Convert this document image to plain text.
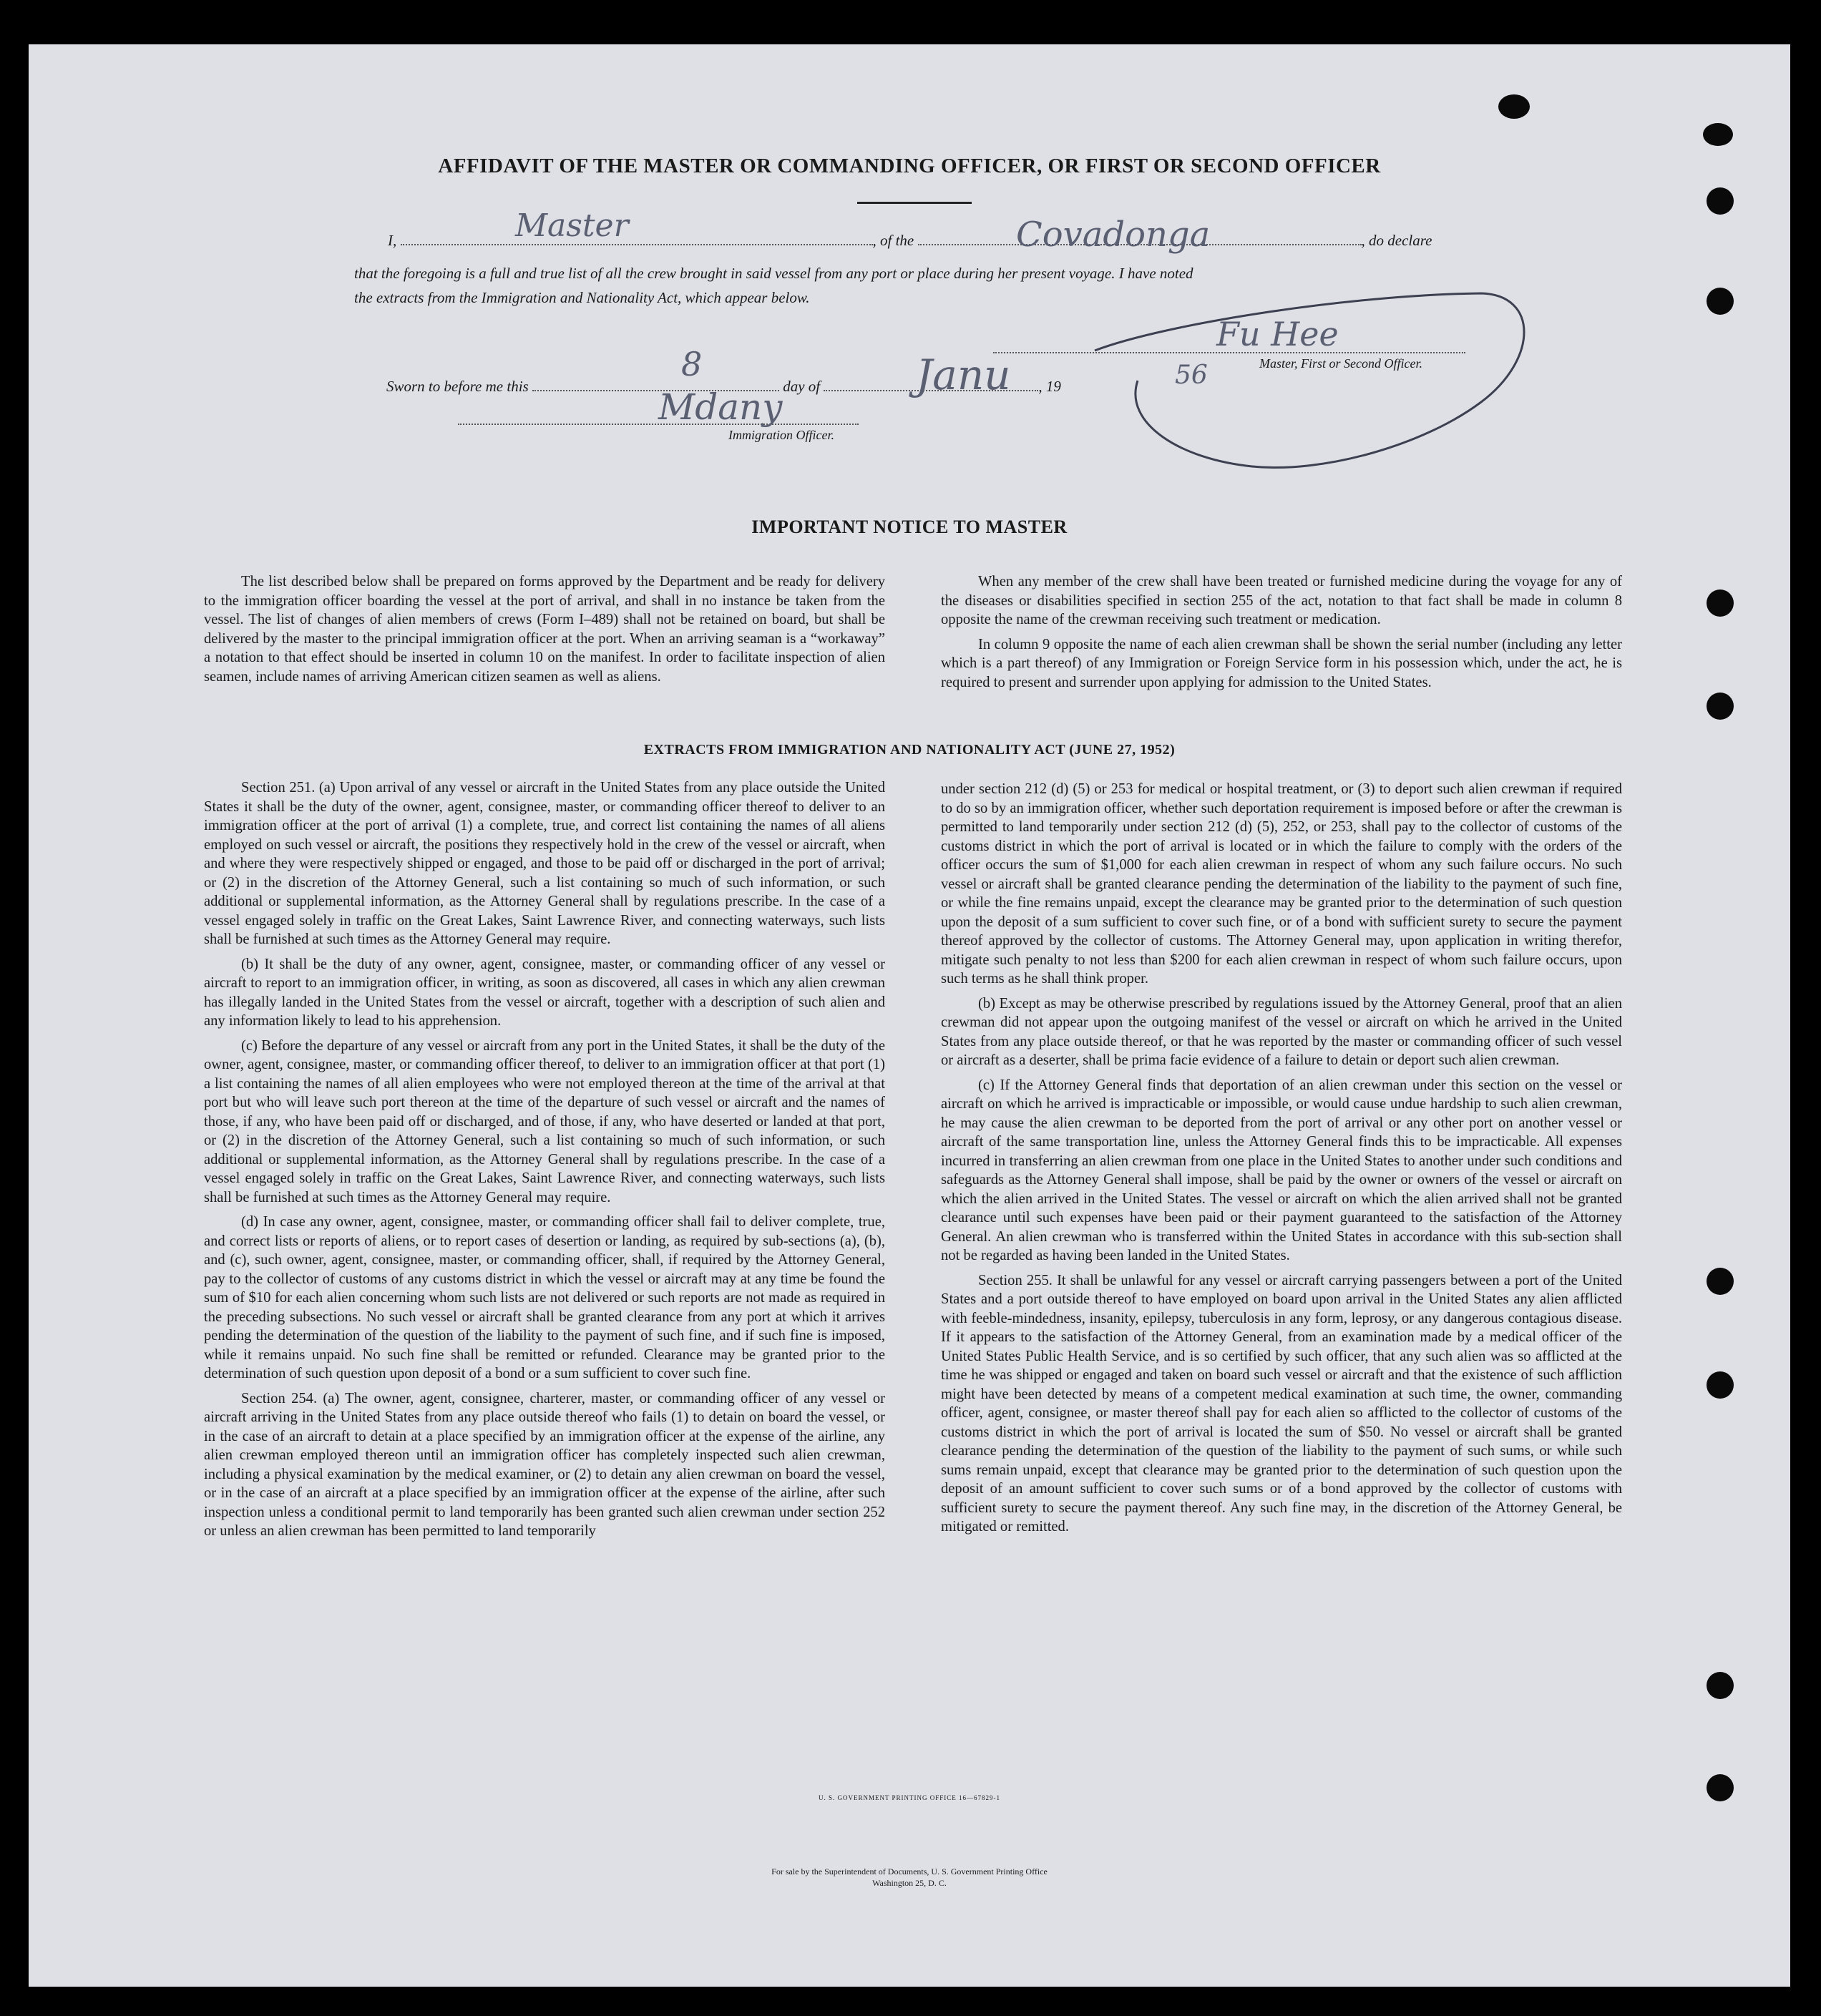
AFFIDAVIT OF THE MASTER OR COMMANDING OFFICER, OR FIRST OR SECOND OFFICER
I,	, of the	, do declare
Master	Covadonga
that the foregoing is a full and true list of all the crew brought in said vessel from any port or place during her present voyage. I have noted
the extracts from the Immigration and Nationality Act, which appear below.
Fu Hee
Master, First or Second Officer.
Sworn to before me this	day of	, 19
8	Janu	56
Mdany
Immigration Officer.
IMPORTANT NOTICE TO MASTER

The list described below shall be prepared on forms approved by the Department and be ready for delivery to the immigration officer boarding the vessel at the port of arrival, and shall in no instance be taken from the vessel. The list of changes of alien members of crews (Form I–489) shall not be retained on board, but shall be delivered by the master to the principal immigration officer at the port. When an arriving seaman is a “workaway” a notation to that effect should be inserted in column 10 on the manifest. In order to facilitate inspection of alien seamen, include names of arriving American citizen seamen as well as aliens.

When any member of the crew shall have been treated or furnished medicine during the voyage for any of the diseases or disabilities specified in section 255 of the act, notation to that fact shall be made in column 8 opposite the name of the crewman receiving such treatment or medication.

In column 9 opposite the name of each alien crewman shall be shown the serial number (including any letter which is a part thereof) of any Immigration or Foreign Service form in his possession which, under the act, he is required to present and surrender upon applying for admission to the United States.

EXTRACTS FROM IMMIGRATION AND NATIONALITY ACT (JUNE 27, 1952)

Section 251. (a) Upon arrival of any vessel or aircraft in the United States from any place outside the United States it shall be the duty of the owner, agent, consignee, master, or commanding officer thereof to deliver to an immigration officer at the port of arrival (1) a complete, true, and correct list containing the names of all aliens employed on such vessel or aircraft, the positions they respectively hold in the crew of the vessel or aircraft, when and where they were respectively shipped or engaged, and those to be paid off or discharged in the port of arrival; or (2) in the discretion of the Attorney General, such a list containing so much of such information, or such additional or supplemental information, as the Attorney General shall by regulations prescribe. In the case of a vessel engaged solely in traffic on the Great Lakes, Saint Lawrence River, and connecting waterways, such lists shall be furnished at such times as the Attorney General may require.

(b) It shall be the duty of any owner, agent, consignee, master, or commanding officer of any vessel or aircraft to report to an immigration officer, in writing, as soon as discovered, all cases in which any alien crewman has illegally landed in the United States from the vessel or aircraft, together with a description of such alien and any information likely to lead to his apprehension.

(c) Before the departure of any vessel or aircraft from any port in the United States, it shall be the duty of the owner, agent, consignee, master, or commanding officer thereof, to deliver to an immigration officer at that port (1) a list containing the names of all alien employees who were not employed thereon at the time of the arrival at that port but who will leave such port thereon at the time of the departure of such vessel or aircraft and the names of those, if any, who have been paid off or discharged, and of those, if any, who have deserted or landed at that port, or (2) in the discretion of the Attorney General, such a list containing so much of such information, or such additional or supplemental information, as the Attorney General shall by regulations prescribe. In the case of a vessel engaged solely in traffic on the Great Lakes, Saint Lawrence River, and connecting waterways, such lists shall be furnished at such times as the Attorney General may require.

(d) In case any owner, agent, consignee, master, or commanding officer shall fail to deliver complete, true, and correct lists or reports of aliens, or to report cases of desertion or landing, as required by sub-sections (a), (b), and (c), such owner, agent, consignee, master, or commanding officer, shall, if required by the Attorney General, pay to the collector of customs of any customs district in which the vessel or aircraft may at any time be found the sum of $10 for each alien concerning whom such lists are not delivered or such reports are not made as required in the preceding subsections. No such vessel or aircraft shall be granted clearance from any port at which it arrives pending the determination of the question of the liability to the payment of such fine, and if such fine is imposed, while it remains unpaid. No such fine shall be remitted or refunded. Clearance may be granted prior to the determination of such question upon deposit of a bond or a sum sufficient to cover such fine.

Section 254. (a) The owner, agent, consignee, charterer, master, or commanding officer of any vessel or aircraft arriving in the United States from any place outside thereof who fails (1) to detain on board the vessel, or in the case of an aircraft to detain at a place specified by an immigration officer at the expense of the airline, any alien crewman employed thereon until an immigration officer has completely inspected such alien crewman, including a physical examination by the medical examiner, or (2) to detain any alien crewman on board the vessel, or in the case of an aircraft at a place specified by an immigration officer at the expense of the airline, after such inspection unless a conditional permit to land temporarily has been granted such alien crewman under section 252 or unless an alien crewman has been permitted to land temporarily

under section 212 (d) (5) or 253 for medical or hospital treatment, or (3) to deport such alien crewman if required to do so by an immigration officer, whether such deportation requirement is imposed before or after the crewman is permitted to land temporarily under section 212 (d) (5), 252, or 253, shall pay to the collector of customs of the customs district in which the port of arrival is located or in which the failure to comply with the orders of the officer occurs the sum of $1,000 for each alien crewman in respect of whom any such failure occurs. No such vessel or aircraft shall be granted clearance pending the determination of the liability to the payment of such fine, or while the fine remains unpaid, except the clearance may be granted prior to the determination of such question upon the deposit of a sum sufficient to cover such fine, or of a bond with sufficient surety to secure the payment thereof approved by the collector of customs. The Attorney General may, upon application in writing therefor, mitigate such penalty to not less than $200 for each alien crewman in respect of whom such failure occurs, upon such terms as he shall think proper.

(b) Except as may be otherwise prescribed by regulations issued by the Attorney General, proof that an alien crewman did not appear upon the outgoing manifest of the vessel or aircraft on which he arrived in the United States from any place outside thereof, or that he was reported by the master or commanding officer of such vessel or aircraft as a deserter, shall be prima facie evidence of a failure to detain or deport such alien crewman.

(c) If the Attorney General finds that deportation of an alien crewman under this section on the vessel or aircraft on which he arrived is impracticable or impossible, or would cause undue hardship to such alien crewman, he may cause the alien crewman to be deported from the port of arrival or any other port on another vessel or aircraft of the same transportation line, unless the Attorney General finds this to be impracticable. All expenses incurred in transferring an alien crewman from one place in the United States to another under such conditions and safeguards as the Attorney General shall impose, shall be paid by the owner or owners of the vessel or aircraft on which the alien arrived in the United States. The vessel or aircraft on which the alien arrived shall not be granted clearance until such expenses have been paid or their payment guaranteed to the satisfaction of the Attorney General. An alien crewman who is transferred within the United States in accordance with this sub-section shall not be regarded as having been landed in the United States.

Section 255. It shall be unlawful for any vessel or aircraft carrying passengers between a port of the United States and a port outside thereof to have employed on board upon arrival in the United States any alien afflicted with feeble-mindedness, insanity, epilepsy, tuberculosis in any form, leprosy, or any dangerous contagious disease. If it appears to the satisfaction of the Attorney General, from an examination made by a medical officer of the United States Public Health Service, and is so certified by such officer, that any such alien was so afflicted at the time he was shipped or engaged and taken on board such vessel or aircraft and that the existence of such affliction might have been detected by means of a competent medical examination at such time, the owner, commanding officer, agent, consignee, or master thereof shall pay for each alien so afflicted to the collector of customs of the customs district in which the port of arrival is located the sum of $50. No vessel or aircraft shall be granted clearance pending the determination of the question of the liability to the payment of such sums, or while such sums remain unpaid, except that clearance may be granted prior to the determination of such question upon the deposit of an amount sufficient to cover such sums or of a bond approved by the collector of customs with sufficient surety to secure the payment thereof. Any such fine may, in the discretion of the Attorney General, be mitigated or remitted.

U. S. GOVERNMENT PRINTING OFFICE 16—67829-1
For sale by the Superintendent of Documents, U. S. Government Printing Office
Washington 25, D. C.
